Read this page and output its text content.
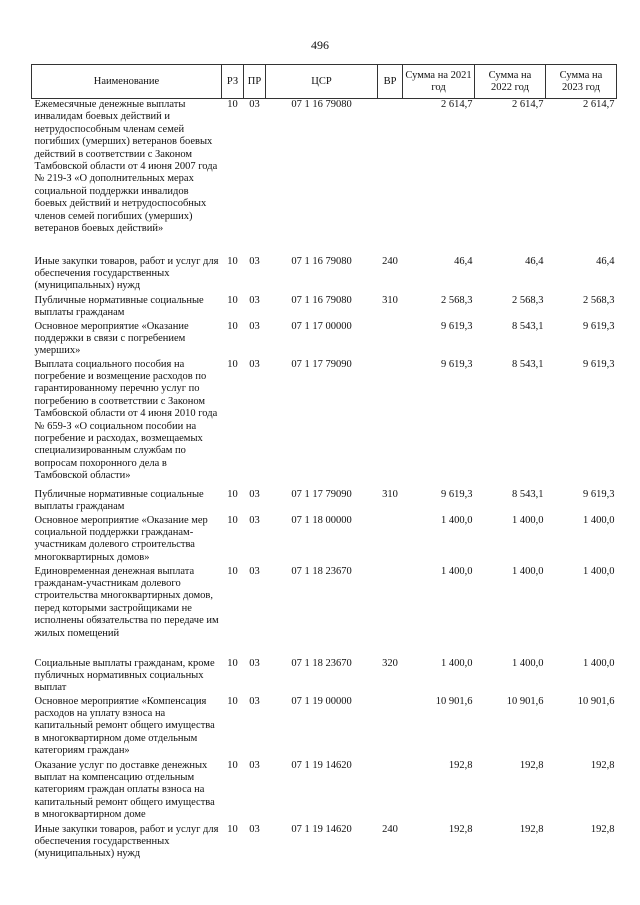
496
Наименование	РЗ	ПР	ЦСР	ВР	Сумма на 2021 год	Сумма на 2022 год	Сумма на 2023 год
Ежемесячные денежные выплаты инвалидам боевых действий и нетрудоспособным членам семей погибших (умерших) ветеранов боевых действий в соответствии с Законом Тамбовской области от 4 июня 2007 года № 219-З «О дополнительных мерах социальной поддержки инвалидов боевых действий и нетрудоспособных членов семей погибших (умерших) ветеранов боевых действий»	10	03	07 1 16 79080		2 614,7	2 614,7	2 614,7
Иные закупки товаров, работ и услуг для обеспечения государственных (муниципальных) нужд	10	03	07 1 16 79080	240	46,4	46,4	46,4
Публичные нормативные социальные выплаты гражданам	10	03	07 1 16 79080	310	2 568,3	2 568,3	2 568,3
Основное мероприятие «Оказание поддержки в связи с погребением умерших»	10	03	07 1 17 00000		9 619,3	8 543,1	9 619,3
Выплата социального пособия на погребение и возмещение расходов по гарантированному перечню услуг по погребению в соответствии с Законом Тамбовской области от 4 июня 2010 года № 659-З «О социальном пособии на погребение и расходах, возмещаемых специализированным службам по вопросам похоронного дела в Тамбовской области»	10	03	07 1 17 79090		9 619,3	8 543,1	9 619,3
Публичные нормативные социальные выплаты гражданам	10	03	07 1 17 79090	310	9 619,3	8 543,1	9 619,3
Основное мероприятие «Оказание мер социальной поддержки гражданам-участникам долевого строительства многоквартирных домов»	10	03	07 1 18 00000		1 400,0	1 400,0	1 400,0
Единовременная денежная выплата гражданам-участникам долевого строительства многоквартирных домов, перед которыми застройщиками не исполнены обязательства по передаче им жилых помещений	10	03	07 1 18 23670		1 400,0	1 400,0	1 400,0
Социальные выплаты гражданам, кроме публичных нормативных социальных выплат	10	03	07 1 18 23670	320	1 400,0	1 400,0	1 400,0
Основное мероприятие «Компенсация расходов на уплату взноса на капитальный ремонт общего имущества в многоквартирном доме отдельным категориям граждан»	10	03	07 1 19 00000		10 901,6	10 901,6	10 901,6
Оказание услуг по доставке денежных выплат на компенсацию отдельным категориям граждан оплаты взноса на капитальный ремонт общего имущества в многоквартирном доме	10	03	07 1 19 14620		192,8	192,8	192,8
Иные закупки товаров, работ и услуг для обеспечения государственных (муниципальных) нужд	10	03	07 1 19 14620	240	192,8	192,8	192,8
